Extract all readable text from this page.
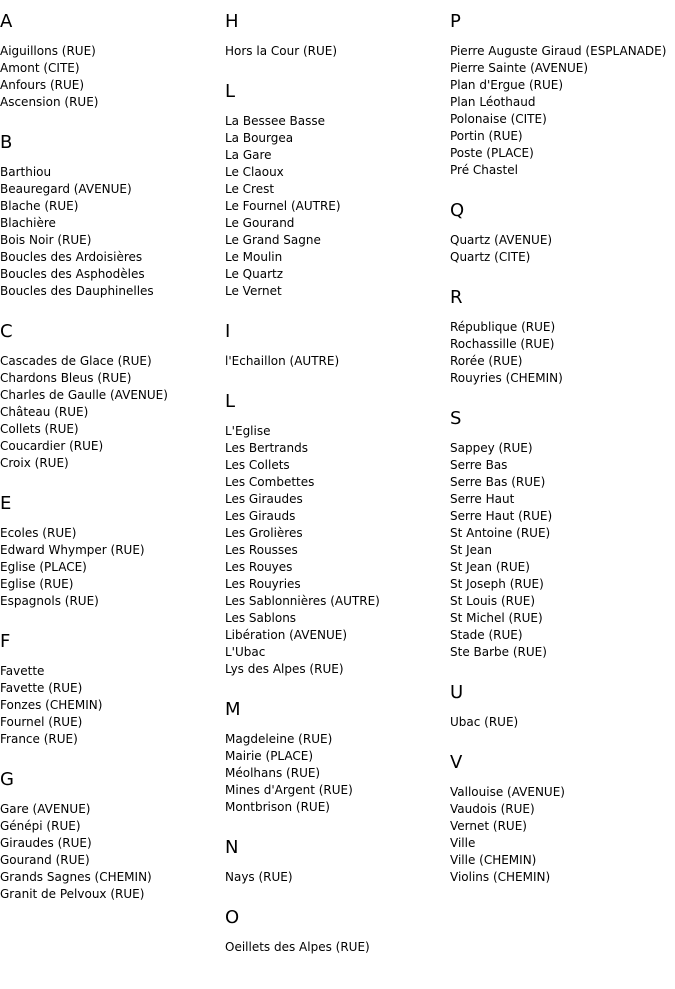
A
Aiguillons (RUE)
Amont (CITE)
Anfours (RUE)
Ascension (RUE)
B
Barthiou
Beauregard (AVENUE)
Blache (RUE)
Blachière
Bois Noir (RUE)
Boucles des Ardoisières
Boucles des Asphodèles
Boucles des Dauphinelles
C
Cascades de Glace (RUE)
Chardons Bleus (RUE)
Charles de Gaulle (AVENUE)
Château (RUE)
Collets (RUE)
Coucardier (RUE)
Croix (RUE)
E
Ecoles (RUE)
Edward Whymper (RUE)
Eglise (PLACE)
Eglise (RUE)
Espagnols (RUE)
F
Favette
Favette (RUE)
Fonzes (CHEMIN)
Fournel (RUE)
France (RUE)
G
Gare (AVENUE)
Génépi (RUE)
Giraudes (RUE)
Gourand (RUE)
Grands Sagnes (CHEMIN)
Granit de Pelvoux (RUE)
H
Hors la Cour (RUE)
L
La Bessee Basse
La Bourgea
La Gare
Le Claoux
Le Crest
Le Fournel (AUTRE)
Le Gourand
Le Grand Sagne
Le Moulin
Le Quartz
Le Vernet
I
l'Echaillon (AUTRE)
L
L'Eglise
Les Bertrands
Les Collets
Les Combettes
Les Giraudes
Les Girauds
Les Grolières
Les Rousses
Les Rouyes
Les Rouyries
Les Sablonnières (AUTRE)
Les Sablons
Libération (AVENUE)
L'Ubac
Lys des Alpes (RUE)
M
Magdeleine (RUE)
Mairie (PLACE)
Méolhans (RUE)
Mines d'Argent (RUE)
Montbrison (RUE)
N
Nays (RUE)
O
Oeillets des Alpes (RUE)
P
Pierre Auguste Giraud (ESPLANADE)
Pierre Sainte (AVENUE)
Plan d'Ergue (RUE)
Plan Léothaud
Polonaise (CITE)
Portin (RUE)
Poste (PLACE)
Pré Chastel
Q
Quartz (AVENUE)
Quartz (CITE)
R
République (RUE)
Rochassille (RUE)
Rorée (RUE)
Rouyries (CHEMIN)
S
Sappey (RUE)
Serre Bas
Serre Bas (RUE)
Serre Haut
Serre Haut (RUE)
St Antoine (RUE)
St Jean
St Jean (RUE)
St Joseph (RUE)
St Louis (RUE)
St Michel (RUE)
Stade (RUE)
Ste Barbe (RUE)
U
Ubac (RUE)
V
Vallouise (AVENUE)
Vaudois (RUE)
Vernet (RUE)
Ville
Ville (CHEMIN)
Violins (CHEMIN)
